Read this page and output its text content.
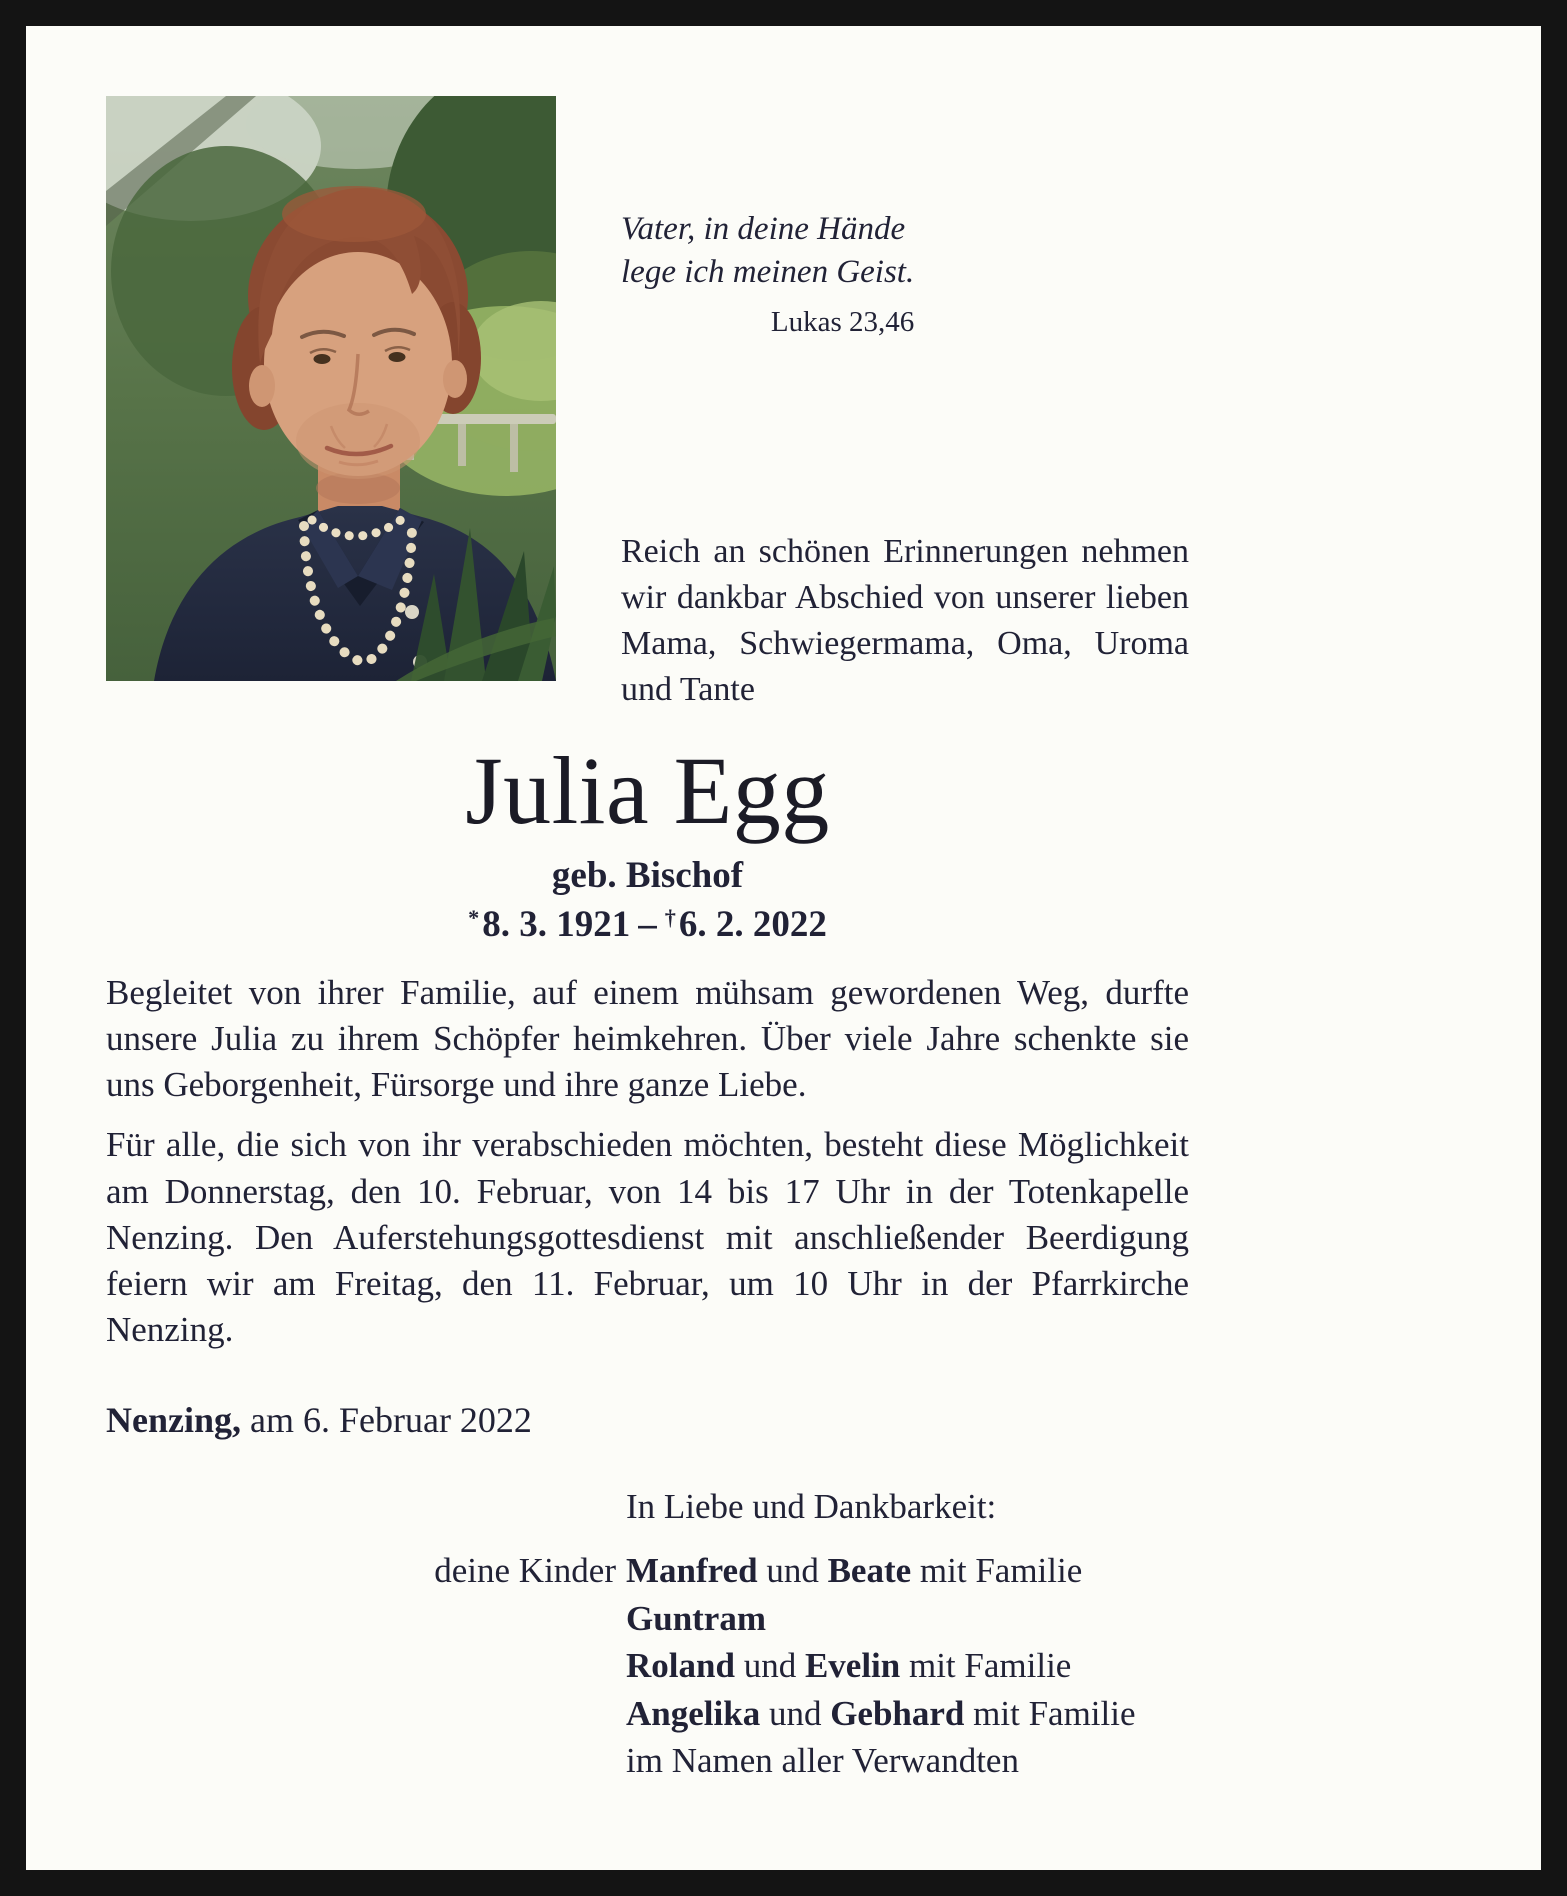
Vater, in deine Hände
lege ich meinen Geist.
Lukas 23,46

Reich an schönen Erinnerungen nehmen wir dankbar Abschied von unserer lieben Mama, Schwiegermama, Oma, Uroma und Tante

Julia Egg
geb. Bischof
*8. 3. 1921 – †6. 2. 2022

Begleitet von ihrer Familie, auf einem mühsam gewordenen Weg, durfte unsere Julia zu ihrem Schöpfer heimkehren. Über viele Jahre schenkte sie uns Geborgenheit, Fürsorge und ihre ganze Liebe.

Für alle, die sich von ihr verabschieden möchten, besteht diese Möglichkeit am Donnerstag, den 10. Februar, von 14 bis 17 Uhr in der Totenkapelle Nenzing. Den Auferstehungsgottesdienst mit anschließender Beerdigung feiern wir am Freitag, den 11. Februar, um 10 Uhr in der Pfarrkirche Nenzing.

Nenzing, am 6. Februar 2022

In Liebe und Dankbarkeit:

deine Kinder Manfred und Beate mit Familie

Guntram

Roland und Evelin mit Familie

Angelika und Gebhard mit Familie

im Namen aller Verwandten
